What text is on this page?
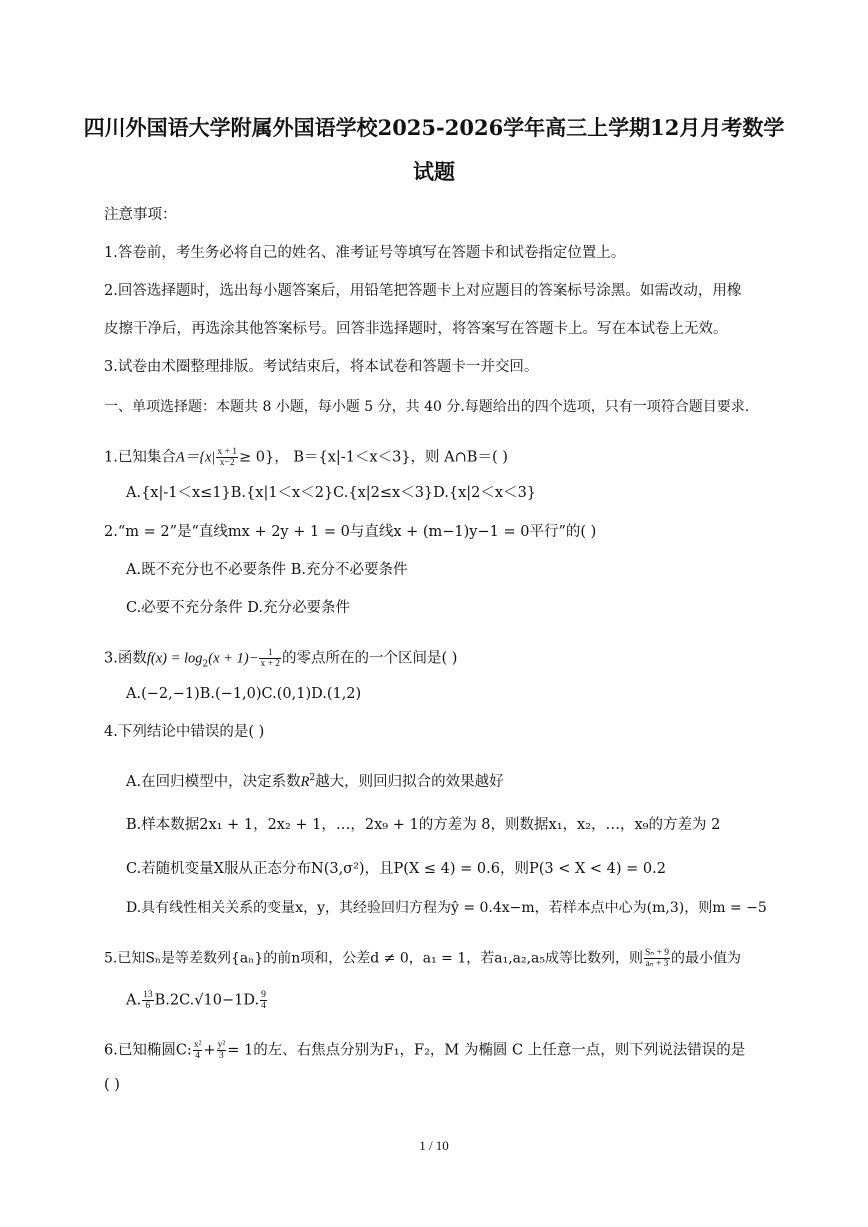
四川外国语大学附属外国语学校2025-2026学年高三上学期12月月考数学
试题
注意事项：
1.答卷前，考生务必将自己的姓名、准考证号等填写在答题卡和试卷指定位置上。
2.回答选择题时，选出每小题答案后，用铅笔把答题卡上对应题目的答案标号涂黑。如需改动，用橡
皮擦干净后，再选涂其他答案标号。回答非选择题时，将答案写在答题卡上。写在本试卷上无效。
3.试卷由术圈整理排版。考试结束后，将本试卷和答题卡一并交回。
一、单项选择题：本题共 8 小题，每小题 5 分，共 40 分.每题给出的四个选项，只有一项符合题目要求.
1.已知集合$A=\{x| \frac{x + 1}{x-2} \ge 0\}$， B＝{x|-1＜x＜3}，则 A∩B＝( )
A.{x|-1＜x≤1}B.{x|1＜x＜2}C.{x|2≤x＜3}D.{x|2＜x＜3}
2.“m = 2”是“直线mx + 2y + 1 = 0与直线x + (m−1)y−1 = 0平行”的( )
A.既不充分也不必要条件 B.充分不必要条件
C.必要不充分条件 D.充分必要条件
3.函数$f(x) = \log_2(x + 1)- \frac{1}{x + 2}$ 的零点所在的一个区间是( )
A.(−2,−1)B.(−1,0)C.(0,1)D.(1,2)
4.下列结论中错误的是( )
A.在回归模型中，决定系数$R^2$越大，则回归拟合的效果越好
B.样本数据2x₁ + 1，2x₂ + 1，…，2x₉ + 1的方差为 8，则数据x₁，x₂，…，x₉的方差为 2
C.若随机变量X服从正态分布N(3,σ²)，且P(X ≤ 4) = 0.6，则P(3 < X < 4) = 0.2
D.具有线性相关关系的变量x，y，其经验回归方程为ŷ = 0.4x−m，若样本点中心为(m,3)，则m = −5
5.已知Sₙ是等差数列{aₙ}的前n项和，公差d ≠ 0，a₁ = 1，若a₁,a₂,a₅成等比数列，则 $\frac{\text{Sₙ + 9}}{\text{aₙ + 3}}$ 的最小值为
A. $\frac{13}{6} B.2C.√10-1D$. $\frac{9}{4}$
6.已知椭圆C: $\frac{\text{x²}}{4} + \frac{\text{y²}}{3} = 1$的左、右焦点分别为F₁，F₂，M 为椭圆 C 上任意一点，则下列说法错误的是
( )
1 / 10
